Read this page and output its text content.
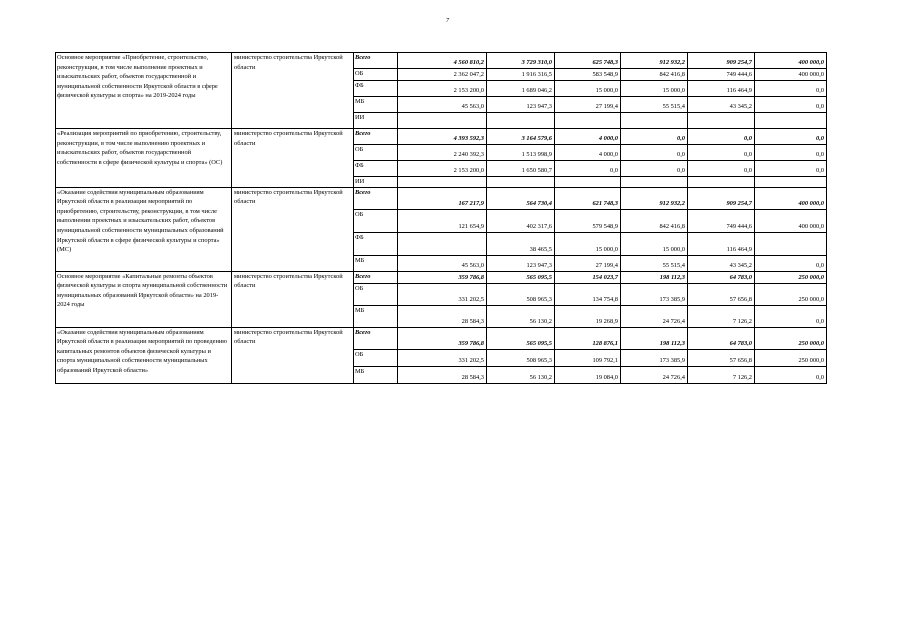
7
Основное мероприятие «Приобретение, строительство, реконструкция, в том числе выполнение проектных и изыскательских работ, объектов государственной и муниципальной собственности Иркутской области в сфере физической культуры и спорта» на 2019-2024 годы	министерство строительства Иркутской области	Всего	4 560 810,2	3 729 310,0	625 748,3	912 932,2	909 254,7	400 000,0
		ОБ	2 362 047,2	1 916 316,5	583 548,9	842 416,8	749 444,6	400 000,0
		ФБ	2 153 200,0	1 689 046,2	15 000,0	15 000,0	116 464,9	0,0
		МБ	45 563,0	123 947,3	27 199,4	55 515,4	43 345,2	0,0
		ИИ						
«Реализация мероприятий по приобретению, строительству, реконструкции, в том числе выполнению проектных и изыскательских работ, объектов государственной собственности в сфере физической культуры и спорта» (ОС)	министерство строительства Иркутской области	Всего	4 393 592,3	3 164 579,6	4 000,0	0,0	0,0	0,0
		ОБ	2 240 392,3	1 513 998,9	4 000,0	0,0	0,0	0,0
		ФБ	2 153 200,0	1 650 580,7	0,0	0,0	0,0	0,0
		ИИ						
«Оказание содействия муниципальным образованиям Иркутской области в реализации мероприятий по приобретению, строительству, реконструкции, в том числе выполнении проектных и изыскательских работ, объектов муниципальной собственности муниципальных образований Иркутской области в сфере физической культуры и спорта» (МС)	министерство строительства Иркутской области	Всего	167 217,9	564 730,4	621 748,3	912 932,2	909 254,7	400 000,0
		ОБ	121 654,9	402 317,6	579 548,9	842 416,8	749 444,6	400 000,0
		ФБ		38 465,5	15 000,0	15 000,0	116 464,9	
		МБ	45 563,0	123 947,3	27 199,4	55 515,4	43 345,2	0,0
Основное мероприятие «Капитальные ремонты объектов физической культуры и спорта муниципальной собственности муниципальных образований Иркутской области» на 2019-2024 годы	министерство строительства Иркутской области	Всего	359 786,8	565 095,5	154 023,7	198 112,3	64 783,0	250 000,0
		ОБ	331 202,5	508 965,3	134 754,8	173 385,9	57 656,8	250 000,0
		МБ	28 584,3	56 130,2	19 268,9	24 726,4	7 126,2	0,0
«Оказание содействия муниципальным образованиям Иркутской области в реализации мероприятий по проведению капитальных ремонтов объектов физической культуры и спорта муниципальной собственности муниципальных образований Иркутской области»	министерство строительства Иркутской области	Всего	359 786,8	565 095,5	128 876,1	198 112,3	64 783,0	250 000,0
		ОБ	331 202,5	508 965,3	109 792,1	173 385,9	57 656,8	250 000,0
		МБ	28 584,3	56 130,2	19 084,0	24 726,4	7 126,2	0,0
